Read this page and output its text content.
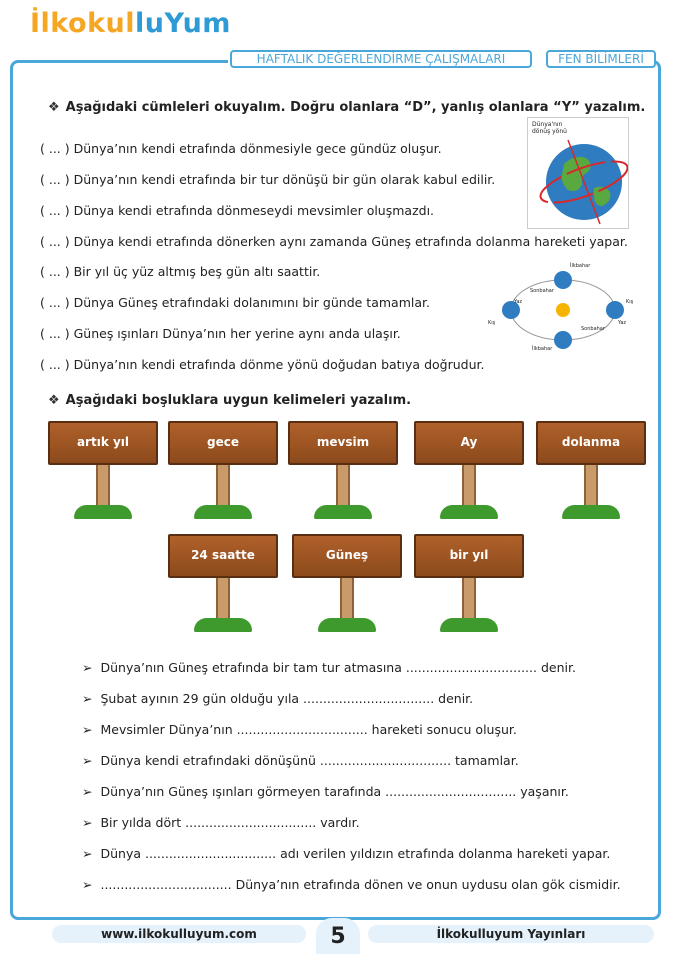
İlkokulluYum
HAFTALIK DEĞERLENDİRME ÇALIŞMALARI	FEN BİLİMLERİ
❖ Aşağıdaki cümleleri okuyalım. Doğru olanlara “D”, yanlış olanlara “Y” yazalım.
( ... ) Dünya’nın kendi etrafında dönmesiyle gece gündüz oluşur.
( ... ) Dünya’nın kendi etrafında bir tur dönüşü bir gün olarak kabul edilir.
( ... ) Dünya kendi etrafında dönmeseydi mevsimler oluşmazdı.
( ... ) Dünya kendi etrafında dönerken aynı zamanda Güneş etrafında dolanma hareketi yapar.
( ... ) Bir yıl üç yüz altmış beş gün altı saattir.
( ... ) Dünya Güneş etrafındaki dolanımını bir günde tamamlar.
( ... ) Güneş ışınları Dünya’nın her yerine aynı anda ulaşır.
( ... ) Dünya’nın kendi etrafında dönme yönü doğudan batıya doğrudur.
Dünya'nın dönüş yönü
İlkbahar
Sonbahar
Yaz
Kış
Kış
Yaz
Sonbahar
İlkbahar
❖ Aşağıdaki boşluklara uygun kelimeleri yazalım.
artık yıl	gece	mevsim	Ay	dolanma
24 saatte	Güneş	bir yıl
➢ Dünya’nın Güneş etrafında bir tam tur atmasına ................................. denir.
➢ Şubat ayının 29 gün olduğu yıla ................................. denir.
➢ Mevsimler Dünya’nın ................................. hareketi sonucu oluşur.
➢ Dünya kendi etrafındaki dönüşünü ................................. tamamlar.
➢ Dünya’nın Güneş ışınları görmeyen tarafında ................................. yaşanır.
➢ Bir yılda dört ................................. vardır.
➢ Dünya ................................. adı verilen yıldızın etrafında dolanma hareketi yapar.
➢ ................................. Dünya’nın etrafında dönen ve onun uydusu olan gök cismidir.
www.ilkokulluyum.com	5	İlkokulluyum Yayınları
